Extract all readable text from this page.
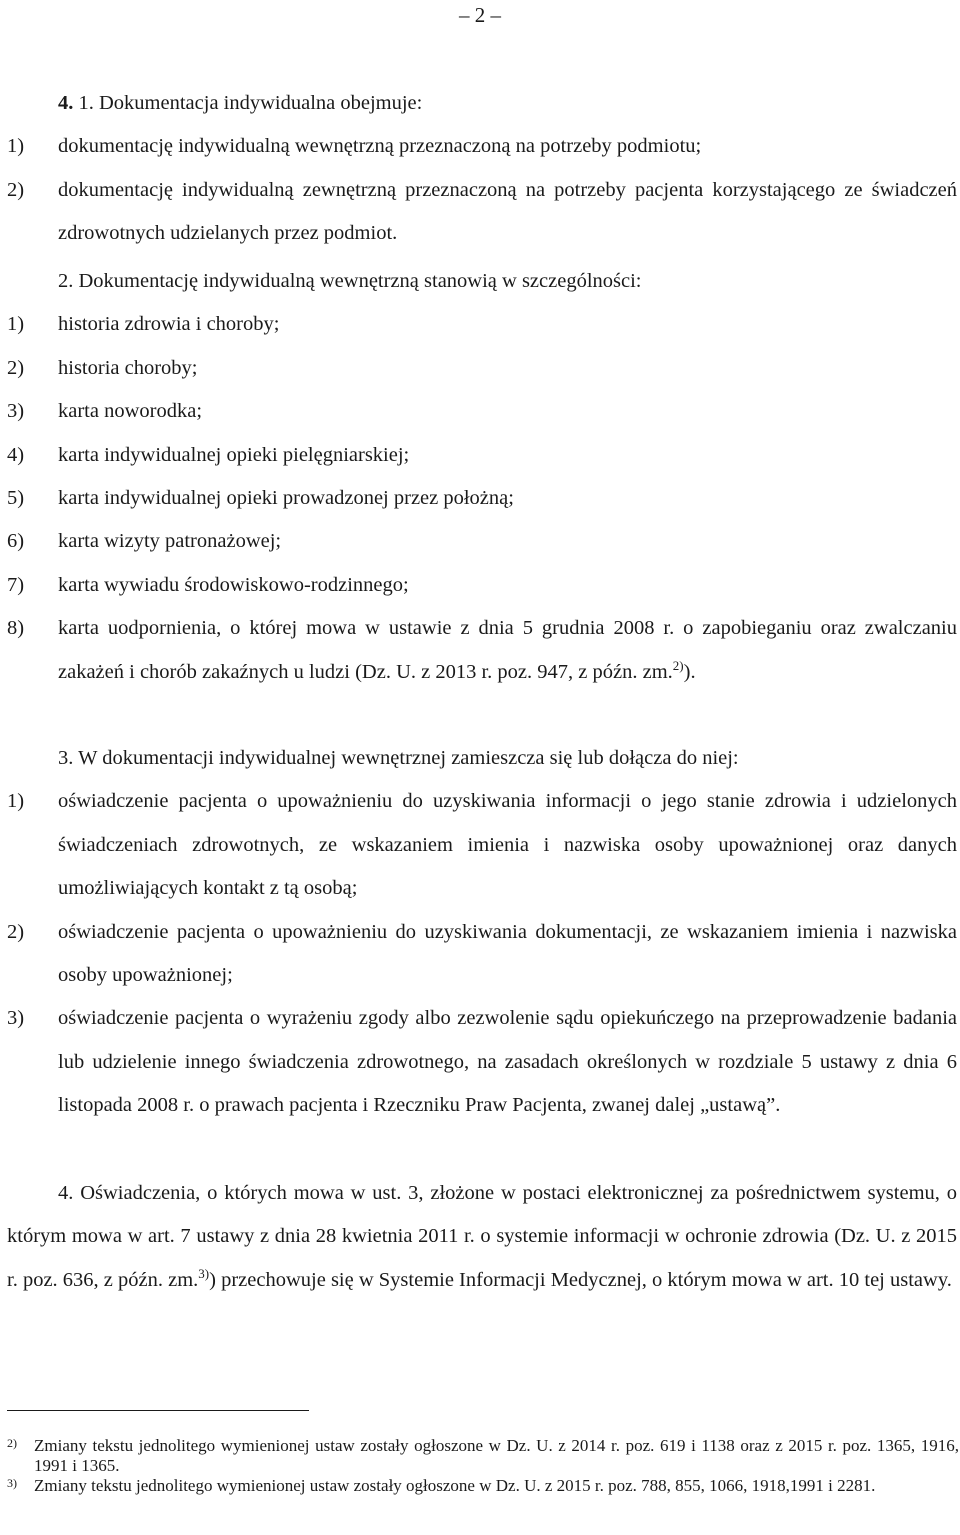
– 2 –

4. 1. Dokumentacja indywidualna obejmuje:

1)	dokumentację indywidualną wewnętrzną przeznaczoną na potrzeby podmiotu;
2)	dokumentację indywidualną zewnętrzną przeznaczoną na potrzeby pacjenta korzystającego ze świadczeń zdrowotnych udzielanych przez podmiot.

2. Dokumentację indywidualną wewnętrzną stanowią w szczególności:

1)	historia zdrowia i choroby;
2)	historia choroby;
3)	karta noworodka;
4)	karta indywidualnej opieki pielęgniarskiej;
5)	karta indywidualnej opieki prowadzonej przez położną;
6)	karta wizyty patronażowej;
7)	karta wywiadu środowiskowo-rodzinnego;
8)	karta uodpornienia, o której mowa w ustawie z dnia 5 grudnia 2008 r. o zapobieganiu oraz zwalczaniu zakażeń i chorób zakaźnych u ludzi (Dz. U. z 2013 r. poz. 947, z późn. zm.$^{2)}$).

3. W dokumentacji indywidualnej wewnętrznej zamieszcza się lub dołącza do niej:

1)	oświadczenie pacjenta o upoważnieniu do uzyskiwania informacji o jego stanie zdrowia i udzielonych świadczeniach zdrowotnych, ze wskazaniem imienia i nazwiska osoby upoważnionej oraz danych umożliwiających kontakt z tą osobą;
2)	oświadczenie pacjenta o upoważnieniu do uzyskiwania dokumentacji, ze wskazaniem imienia i nazwiska osoby upoważnionej;
3)	oświadczenie pacjenta o wyrażeniu zgody albo zezwolenie sądu opiekuńczego na przeprowadzenie badania lub udzielenie innego świadczenia zdrowotnego, na zasadach określonych w rozdziale 5 ustawy z dnia 6 listopada 2008 r. o prawach pacjenta i Rzeczniku Praw Pacjenta, zwanej dalej „ustawą”.

4. Oświadczenia, o których mowa w ust. 3, złożone w postaci elektronicznej za pośrednictwem systemu, o którym mowa w art. 7 ustawy z dnia 28 kwietnia 2011 r. o systemie informacji w ochronie zdrowia (Dz. U. z 2015 r. poz. 636, z późn. zm.$^{3)}$) przechowuje się w Systemie Informacji Medycznej, o którym mowa w art. 10 tej ustawy.

2)	Zmiany tekstu jednolitego wymienionej ustaw zostały ogłoszone w Dz. U. z 2014 r. poz. 619 i 1138 oraz z 2015 r. poz. 1365, 1916, 1991 i 1365.
3)	Zmiany tekstu jednolitego wymienionej ustaw zostały ogłoszone w Dz. U. z 2015 r. poz. 788, 855, 1066, 1918,1991 i 2281.
